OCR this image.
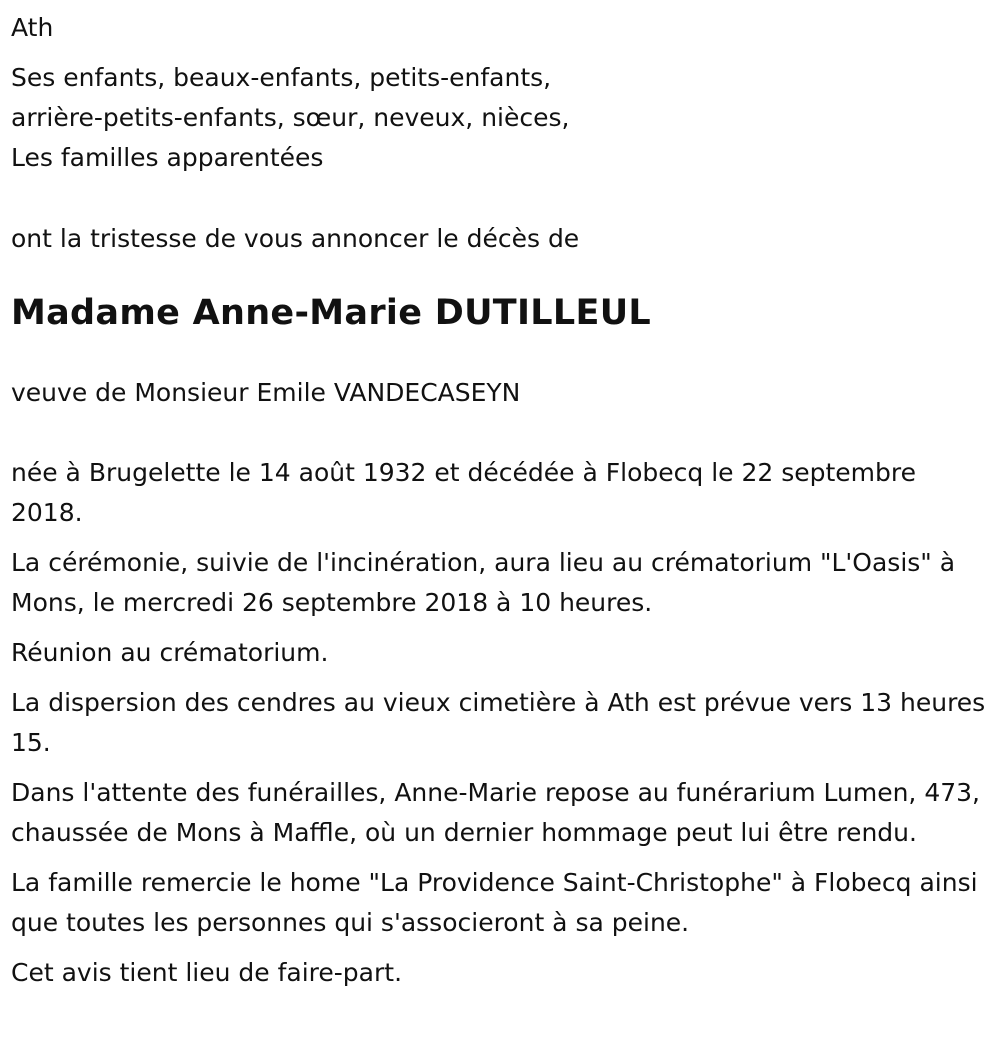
Ath

Ses enfants, beaux-enfants, petits-enfants,

arrière-petits-enfants, sœur, neveux, nièces,

Les familles apparentées

ont la tristesse de vous annoncer le décès de

Madame Anne-Marie DUTILLEUL

veuve de Monsieur Emile VANDECASEYN

née à Brugelette le 14 août 1932 et décédée à Flobecq le 22 septembre 2018.

La cérémonie, suivie de l'incinération, aura lieu au crématorium "L'Oasis" à Mons, le mercredi 26 septembre 2018 à 10 heures.

Réunion au crématorium.

La dispersion des cendres au vieux cimetière à Ath est prévue vers 13 heures 15.

Dans l'attente des funérailles, Anne-Marie repose au funérarium Lumen, 473, chaussée de Mons à Maffle, où un dernier hommage peut lui être rendu.

La famille remercie le home "La Providence Saint-Christophe" à Flobecq ainsi que toutes les personnes qui s'associeront à sa peine.

Cet avis tient lieu de faire-part.
